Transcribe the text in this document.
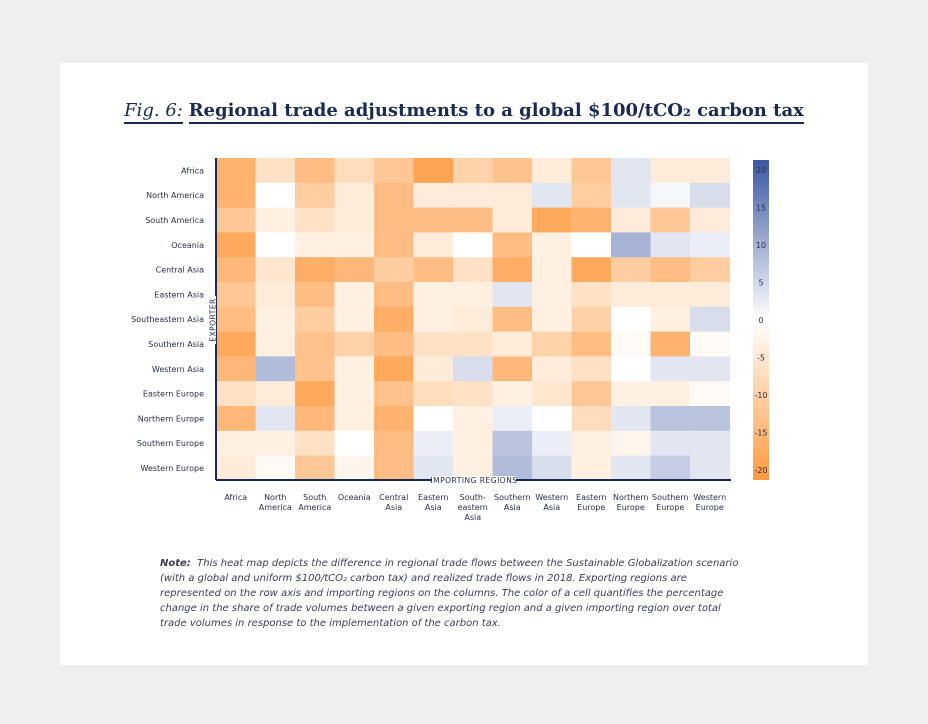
Fig. 6: Regional trade adjustments to a global $100/tCO₂ carbon tax
Africa
North America
South America
Oceania
Central Asia
Eastern Asia
Southeastern Asia
Southern Asia
Western Asia
Eastern Europe
Northern Europe
Southern Europe
Western Europe
Africa	North America
South America
Oceania Central Asia
Eastern Asia
South-eastern Asia
Southern Asia
Western Asia
Eastern Europe
Northern Europe
Southern Europe
Western Europe
20
15
10
5
0
-5
-10
-15
-20
EXPORTER
IMPORTING REGIONS
Note: This heat map depicts the difference in regional trade flows between the Sustainable Globalization scenario (with a global and uniform $100/tCO₂ carbon tax) and realized trade flows in 2018. Exporting regions are represented on the row axis and importing regions on the columns. The color of a cell quantifies the percentage change in the share of trade volumes between a given exporting region and a given importing region over total trade volumes in response to the implementation of the carbon tax.
